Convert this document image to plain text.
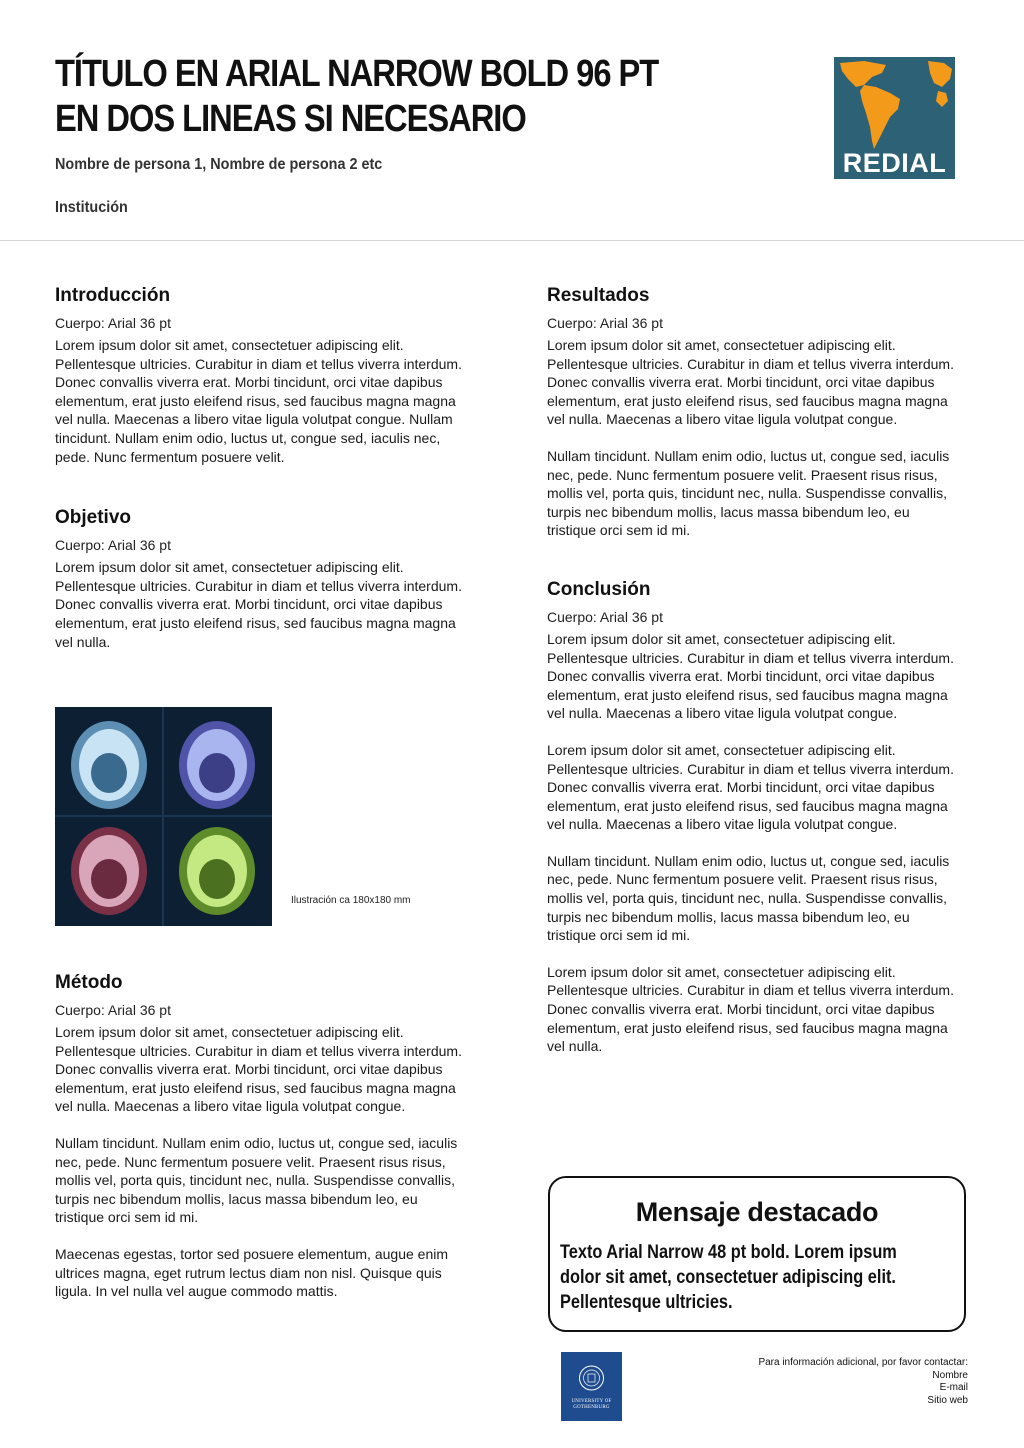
TÍTULO EN ARIAL NARROW BOLD 96 PT
EN DOS LINEAS SI NECESARIO
Nombre de persona 1, Nombre de persona 2 etc
Institución
REDIAL
Introducción

Cuerpo: Arial 36 pt

Lorem ipsum dolor sit amet, consectetuer adipiscing elit. Pellentesque ultricies. Curabitur in diam et tellus viverra interdum. Donec convallis viverra erat. Morbi tincidunt, orci vitae dapibus elementum, erat justo eleifend risus, sed faucibus magna magna vel nulla. Maecenas a libero vitae ligula volutpat congue. Nullam tincidunt. Nullam enim odio, luctus ut, congue sed, iaculis nec, pede. Nunc fermentum posuere velit.

Objetivo

Cuerpo: Arial 36 pt

Lorem ipsum dolor sit amet, consectetuer adipiscing elit. Pellentesque ultricies. Curabitur in diam et tellus viverra interdum. Donec convallis viverra erat. Morbi tincidunt, orci vitae dapibus elementum, erat justo eleifend risus, sed faucibus magna magna vel nulla.

Ilustración ca 180x180 mm
Método

Cuerpo: Arial 36 pt

Lorem ipsum dolor sit amet, consectetuer adipiscing elit. Pellentesque ultricies. Curabitur in diam et tellus viverra interdum. Donec convallis viverra erat. Morbi tincidunt, orci vitae dapibus elementum, erat justo eleifend risus, sed faucibus magna magna vel nulla. Maecenas a libero vitae ligula volutpat congue.

Nullam tincidunt. Nullam enim odio, luctus ut, congue sed, iaculis nec, pede. Nunc fermentum posuere velit. Praesent risus risus, mollis vel, porta quis, tincidunt nec, nulla. Suspendisse convallis, turpis nec bibendum mollis, lacus massa bibendum leo, eu tristique orci sem id mi.

Maecenas egestas, tortor sed posuere elementum, augue enim ultrices magna, eget rutrum lectus diam non nisl. Quisque quis ligula. In vel nulla vel augue commodo mattis.

Resultados

Cuerpo: Arial 36 pt

Lorem ipsum dolor sit amet, consectetuer adipiscing elit. Pellentesque ultricies. Curabitur in diam et tellus viverra interdum. Donec convallis viverra erat. Morbi tincidunt, orci vitae dapibus elementum, erat justo eleifend risus, sed faucibus magna magna vel nulla. Maecenas a libero vitae ligula volutpat congue.

Nullam tincidunt. Nullam enim odio, luctus ut, congue sed, iaculis nec, pede. Nunc fermentum posuere velit. Praesent risus risus, mollis vel, porta quis, tincidunt nec, nulla. Suspendisse convallis, turpis nec bibendum mollis, lacus massa bibendum leo, eu tristique orci sem id mi.

Conclusión

Cuerpo: Arial 36 pt

Lorem ipsum dolor sit amet, consectetuer adipiscing elit. Pellentesque ultricies. Curabitur in diam et tellus viverra interdum. Donec convallis viverra erat. Morbi tincidunt, orci vitae dapibus elementum, erat justo eleifend risus, sed faucibus magna magna vel nulla. Maecenas a libero vitae ligula volutpat congue.

Lorem ipsum dolor sit amet, consectetuer adipiscing elit. Pellentesque ultricies. Curabitur in diam et tellus viverra interdum. Donec convallis viverra erat. Morbi tincidunt, orci vitae dapibus elementum, erat justo eleifend risus, sed faucibus magna magna vel nulla. Maecenas a libero vitae ligula volutpat congue.

Nullam tincidunt. Nullam enim odio, luctus ut, congue sed, iaculis nec, pede. Nunc fermentum posuere velit. Praesent risus risus, mollis vel, porta quis, tincidunt nec, nulla. Suspendisse convallis, turpis nec bibendum mollis, lacus massa bibendum leo, eu tristique orci sem id mi.

Lorem ipsum dolor sit amet, consectetuer adipiscing elit. Pellentesque ultricies. Curabitur in diam et tellus viverra interdum. Donec convallis viverra erat. Morbi tincidunt, orci vitae dapibus elementum, erat justo eleifend risus, sed faucibus magna magna vel nulla.

Mensaje destacado
Texto Arial Narrow 48 pt bold. Lorem ipsum dolor sit amet, consectetuer adipiscing elit. Pellentesque ultricies.
UNIVERSITY OF GOTHENBURG
Para información adicional, por favor contactar:
Nombre
E-mail
Sitio web
